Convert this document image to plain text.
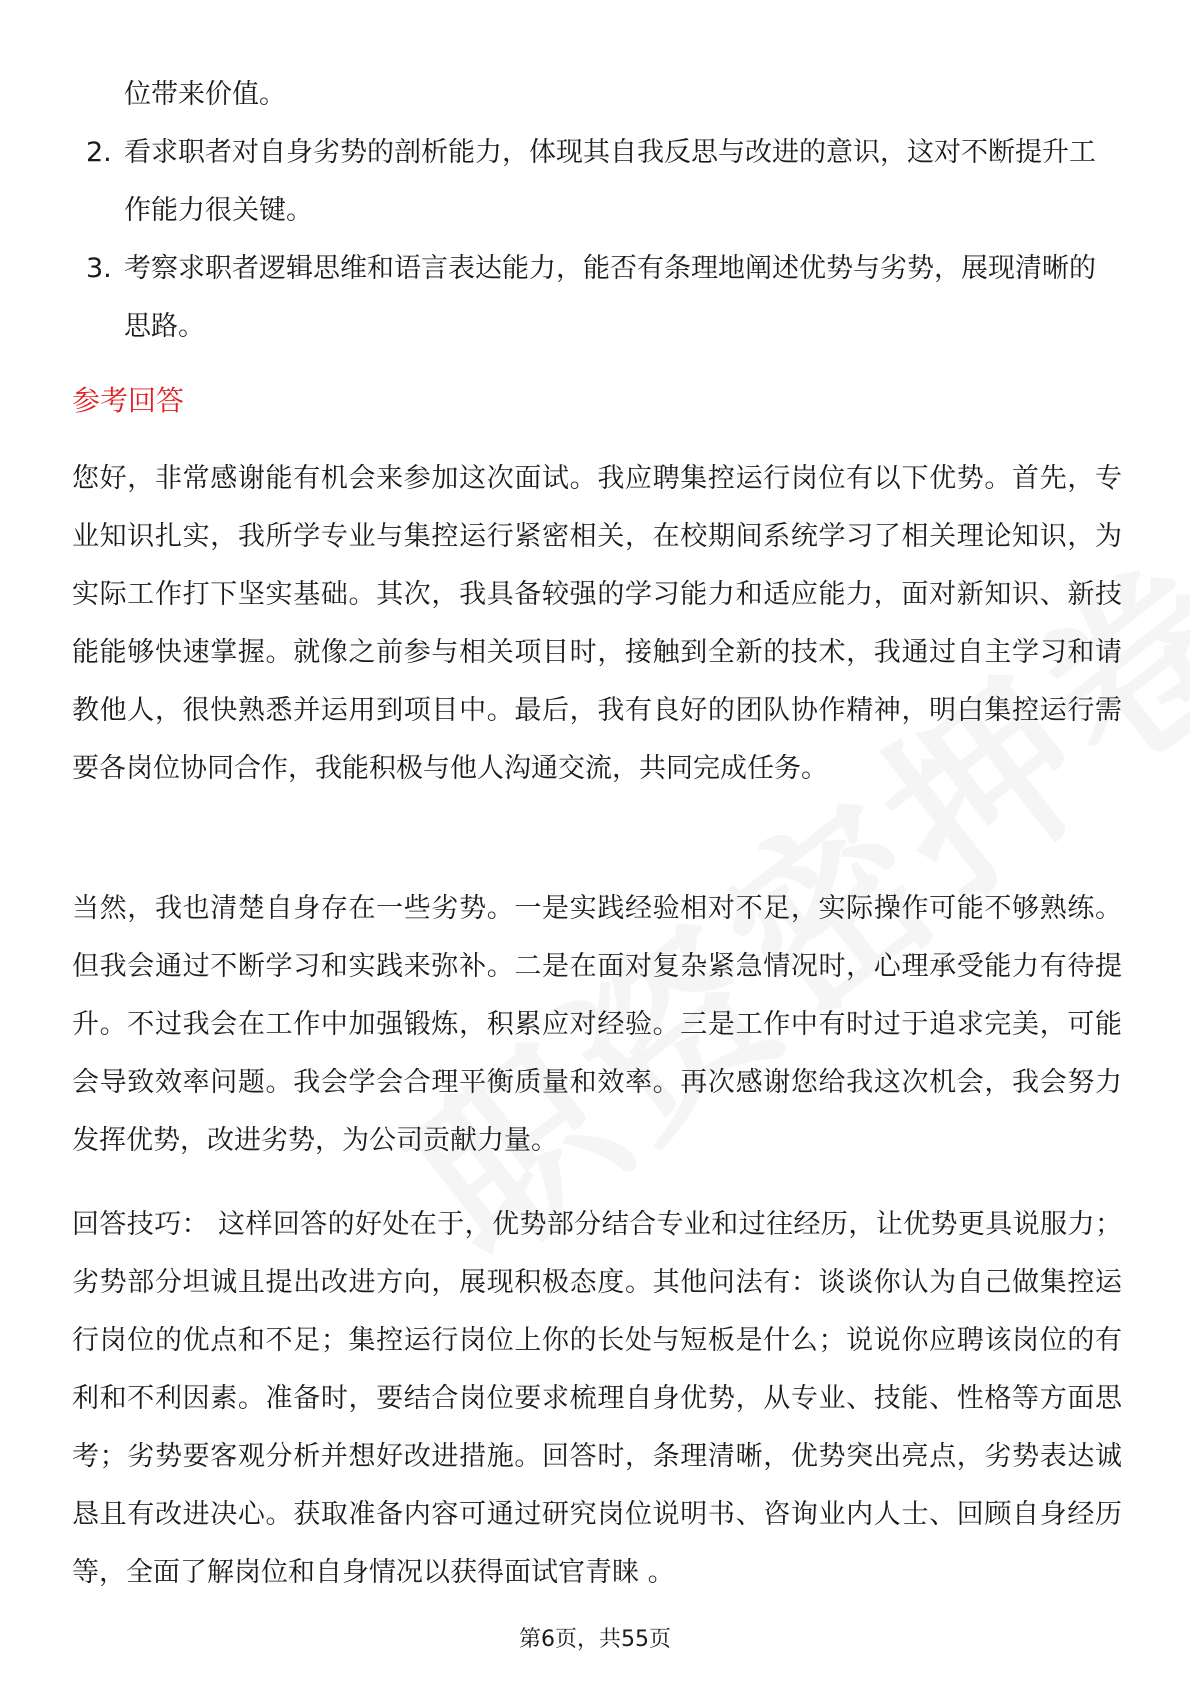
位带来价值。

2. 看求职者对自身劣势的剖析能力，体现其自我反思与改进的意识，这对不断提升工作能力很关键。
3. 考察求职者逻辑思维和语言表达能力，能否有条理地阐述优势与劣势，展现清晰的思路。
参考回答

您好，非常感谢能有机会来参加这次面试。我应聘集控运行岗位有以下优势。首先，专业知识扎实，我所学专业与集控运行紧密相关，在校期间系统学习了相关理论知识，为实际工作打下坚实基础。其次，我具备较强的学习能力和适应能力，面对新知识、新技能能够快速掌握。就像之前参与相关项目时，接触到全新的技术，我通过自主学习和请教他人，很快熟悉并运用到项目中。最后，我有良好的团队协作精神，明白集控运行需要各岗位协同合作，我能积极与他人沟通交流，共同完成任务。

当然，我也清楚自身存在一些劣势。一是实践经验相对不足，实际操作可能不够熟练。但我会通过不断学习和实践来弥补。二是在面对复杂紧急情况时，心理承受能力有待提升。不过我会在工作中加强锻炼，积累应对经验。三是工作中有时过于追求完美，可能会导致效率问题。我会学会合理平衡质量和效率。再次感谢您给我这次机会，我会努力发挥优势，改进劣势，为公司贡献力量。

回答技巧： 这样回答的好处在于，优势部分结合专业和过往经历，让优势更具说服力；劣势部分坦诚且提出改进方向，展现积极态度。其他问法有：谈谈你认为自己做集控运行岗位的优点和不足；集控运行岗位上你的长处与短板是什么；说说你应聘该岗位的有利和不利因素。准备时，要结合岗位要求梳理自身优势，从专业、技能、性格等方面思考；劣势要客观分析并想好改进措施。回答时，条理清晰，优势突出亮点，劣势表达诚恳且有改进决心。获取准备内容可通过研究岗位说明书、咨询业内人士、回顾自身经历等，全面了解岗位和自身情况以获得面试官青睐 。

第6页，共55页
